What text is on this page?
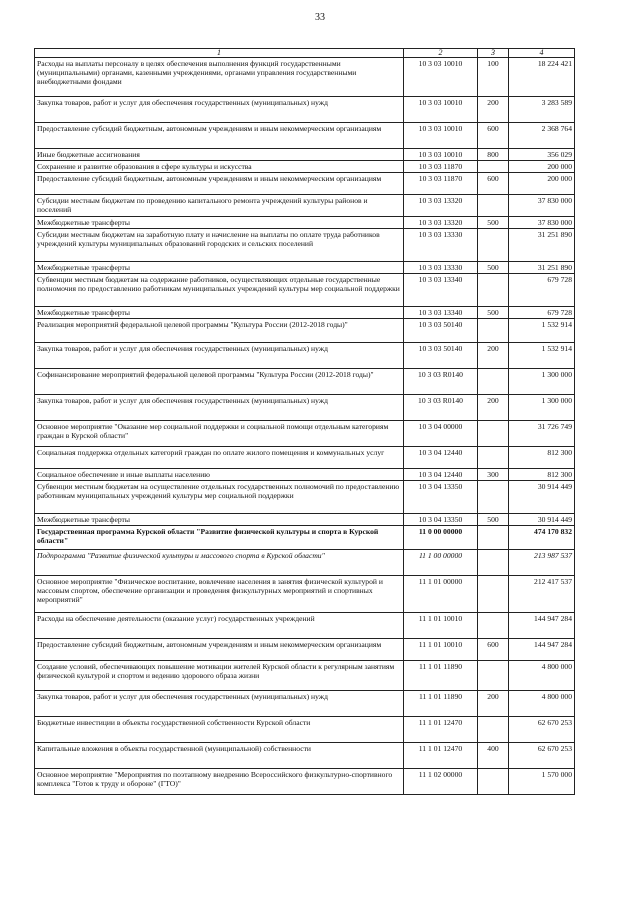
33
1	2	3	4
Расходы на выплаты персоналу в целях обеспечения выполнения функций государственными (муниципальными) органами, казенными учреждениями, органами управления государственными внебюджетными фондами	10 3 03 10010	100	18 224 421
Закупка товаров, работ и услуг для обеспечения государственных (муниципальных) нужд	10 3 03 10010	200	3 283 589
Предоставление субсидий бюджетным, автономным учреждениям и иным некоммерческим организациям	10 3 03 10010	600	2 368 764
Иные бюджетные ассигнования	10 3 03 10010	800	356 029
Сохранение и развитие образования в сфере культуры и искусства	10 3 03 11870		200 000
Предоставление субсидий бюджетным, автономным учреждениям и иным некоммерческим организациям	10 3 03 11870	600	200 000
Субсидии местным бюджетам по проведению капитального ремонта учреждений культуры районов и поселений	10 3 03 13320		37 830 000
Межбюджетные трансферты	10 3 03 13320	500	37 830 000
Субсидии местным бюджетам на заработную плату и начисление на выплаты по оплате труда работников учреждений культуры муниципальных образований городских и сельских поселений	10 3 03 13330		31 251 890
Межбюджетные трансферты	10 3 03 13330	500	31 251 890
Субвенции местным бюджетам на содержание работников, осуществляющих отдельные государственные полномочия по предоставлению работникам муниципальных учреждений культуры мер социальной поддержки	10 3 03 13340		679 728
Межбюджетные трансферты	10 3 03 13340	500	679 728
Реализация мероприятий федеральной целевой программы "Культура России (2012-2018 годы)"	10 3 03 50140		1 532 914
Закупка товаров, работ и услуг для обеспечения государственных (муниципальных) нужд	10 3 03 50140	200	1 532 914
Софинансирование мероприятий федеральной целевой программы "Культура России (2012-2018 годы)"	10 3 03 R0140		1 300 000
Закупка товаров, работ и услуг для обеспечения государственных (муниципальных) нужд	10 3 03 R0140	200	1 300 000
Основное мероприятие "Оказание мер социальной поддержки и социальной помощи отдельным категориям граждан в Курской области"	10 3 04 00000		31 726 749
Социальная поддержка отдельных категорий граждан по оплате жилого помещения и коммунальных услуг	10 3 04 12440		812 300
Социальное обеспечение и иные выплаты населению	10 3 04 12440	300	812 300
Субвенции местным бюджетам на осуществление отдельных государственных полномочий по предоставлению работникам муниципальных учреждений культуры мер социальной поддержки	10 3 04 13350		30 914 449
Межбюджетные трансферты	10 3 04 13350	500	30 914 449
Государственная программа Курской области "Развитие физической культуры и спорта в Курской области"	11 0 00 00000		474 170 832
Подпрограмма "Развитие физической культуры и массового спорта в Курской области"	11 1 00 00000		213 987 537
Основное мероприятие "Физическое воспитание, вовлечение населения в занятия физической культурой и массовым спортом, обеспечение организации и проведения физкультурных мероприятий и спортивных мероприятий"	11 1 01 00000		212 417 537
Расходы на обеспечение деятельности (оказание услуг) государственных учреждений	11 1 01 10010		144 947 284
Предоставление субсидий бюджетным, автономным учреждениям и иным некоммерческим организациям	11 1 01 10010	600	144 947 284
Создание условий, обеспечивающих повышение мотивации жителей Курской области к регулярным занятиям физической культурой и спортом и ведению здорового образа жизни	11 1 01 11890		4 800 000
Закупка товаров, работ и услуг для обеспечения государственных (муниципальных) нужд	11 1 01 11890	200	4 800 000
Бюджетные инвестиции в объекты государственной собственности Курской области	11 1 01 12470		62 670 253
Капитальные вложения в объекты государственной (муниципальной) собственности	11 1 01 12470	400	62 670 253
Основное мероприятие "Мероприятия по поэтапному внедрению Всероссийского физкультурно-спортивного комплекса "Готов к труду и обороне" (ГТО)"	11 1 02 00000		1 570 000
